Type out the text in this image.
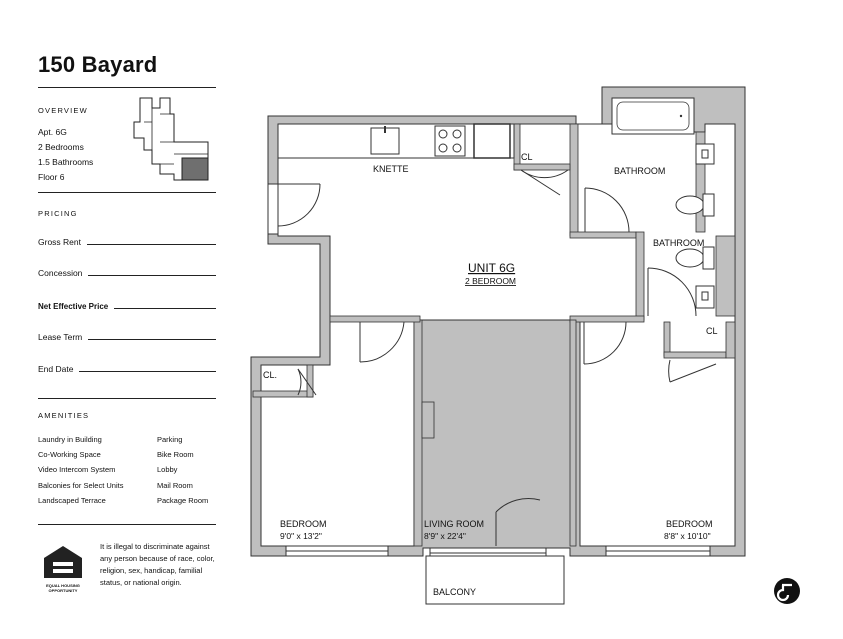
150 Bayard
OVERVIEW
Apt. 6G
2 Bedrooms
1.5 Bathrooms
Floor 6
PRICING
Gross Rent
Concession
Net Effective Price
Lease Term
End Date
AMENITIES
Laundry in Building
Co-Working Space
Video Intercom System
Balconies for Select Units
Landscaped Terrace
Parking
Bike Room
Lobby
Mail Room
Package Room
EQUAL HOUSING
OPPORTUNITY
It is illegal to discriminate against any person because of race, color, religion, sex, handicap, familial status, or national origin.
KNETTE
CL
BATHROOM
BATHROOM
UNIT 6G
2 BEDROOM
CL
CL.
BEDROOM
9'0" x 13'2"
LIVING ROOM
8'9" x 22'4"
BEDROOM
8'8" x 10'10"
BALCONY
